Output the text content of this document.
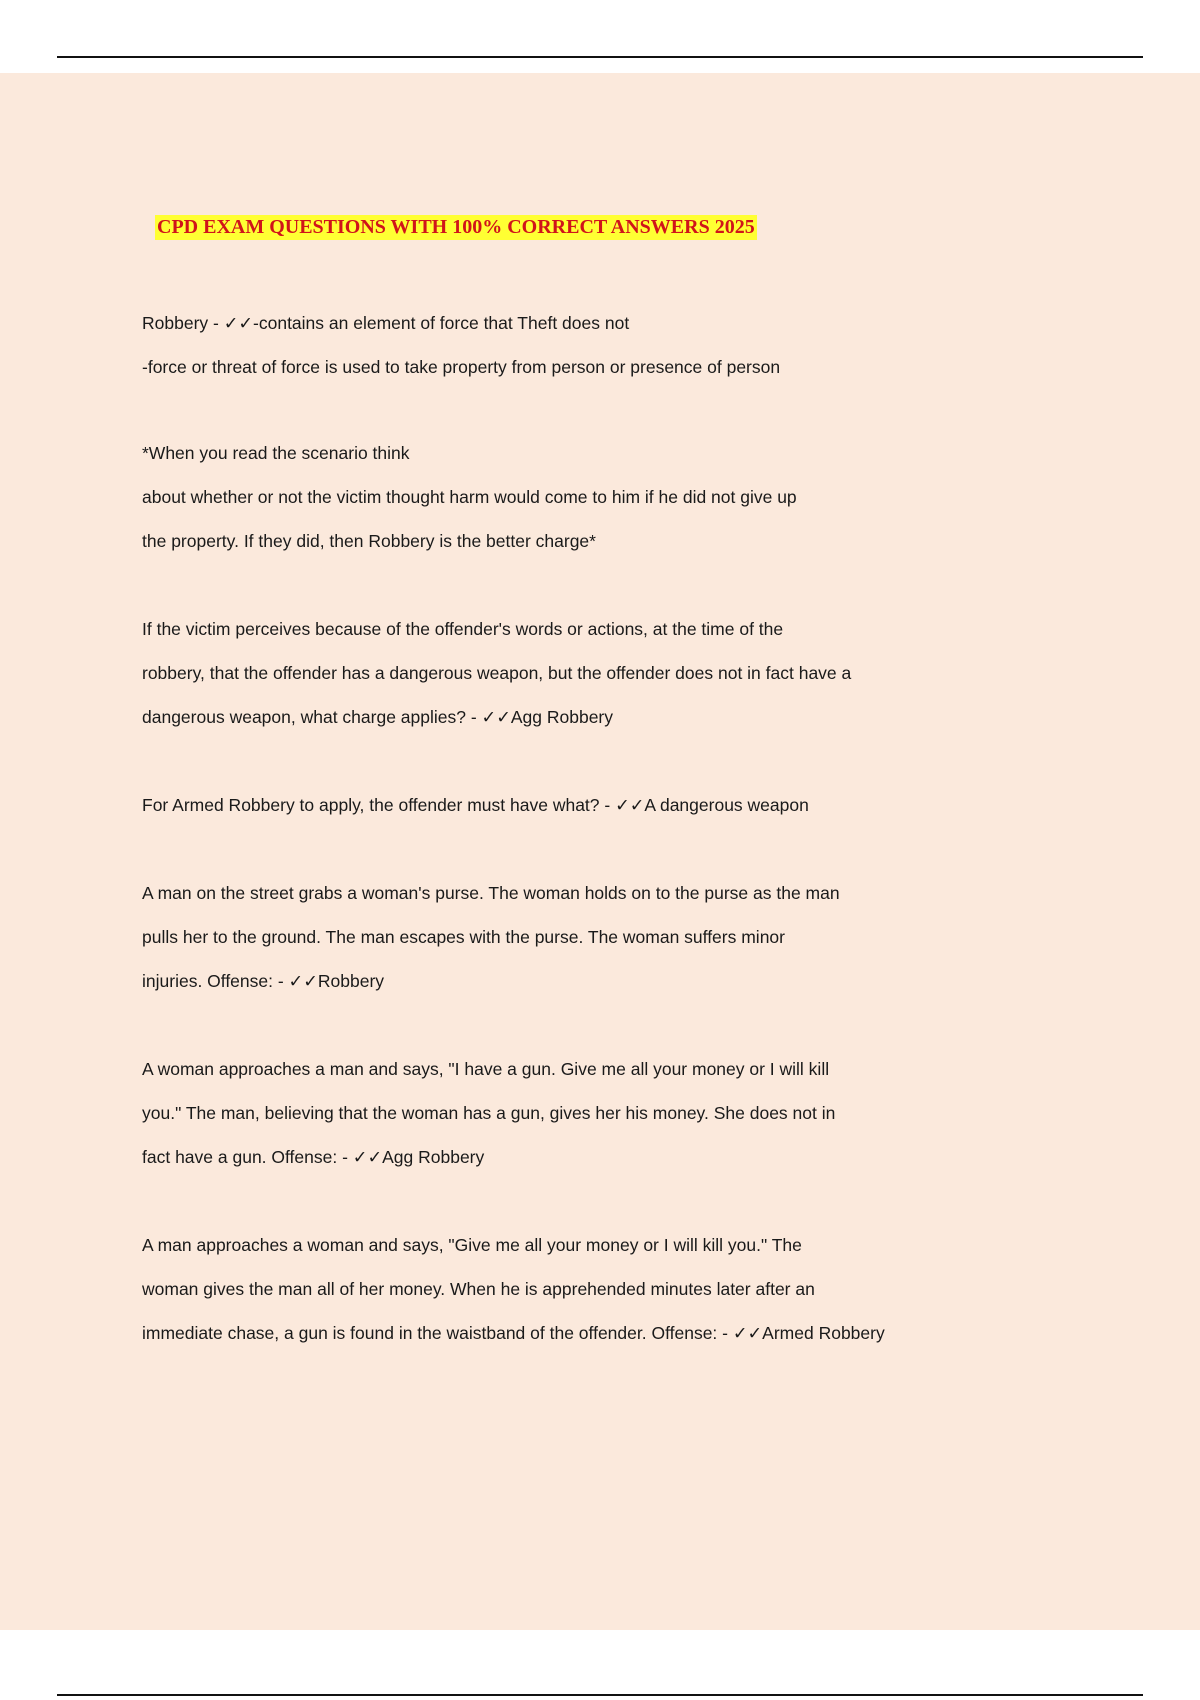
CPD EXAM QUESTIONS WITH 100% CORRECT ANSWERS 2025

Robbery - ✓✓-contains an element of force that Theft does not

-force or threat of force is used to take property from person or presence of person

*When you read the scenario think

about whether or not the victim thought harm would come to him if he did not give up

the property. If they did, then Robbery is the better charge*

If the victim perceives because of the offender's words or actions, at the time of the

robbery, that the offender has a dangerous weapon, but the offender does not in fact have a

dangerous weapon, what charge applies? - ✓✓Agg Robbery

For Armed Robbery to apply, the offender must have what? - ✓✓A dangerous weapon

A man on the street grabs a woman's purse. The woman holds on to the purse as the man

pulls her to the ground. The man escapes with the purse. The woman suffers minor

injuries. Offense: - ✓✓Robbery

A woman approaches a man and says, "I have a gun. Give me all your money or I will kill

you." The man, believing that the woman has a gun, gives her his money. She does not in

fact have a gun. Offense: - ✓✓Agg Robbery

A man approaches a woman and says, "Give me all your money or I will kill you." The

woman gives the man all of her money. When he is apprehended minutes later after an

immediate chase, a gun is found in the waistband of the offender. Offense: - ✓✓Armed Robbery
